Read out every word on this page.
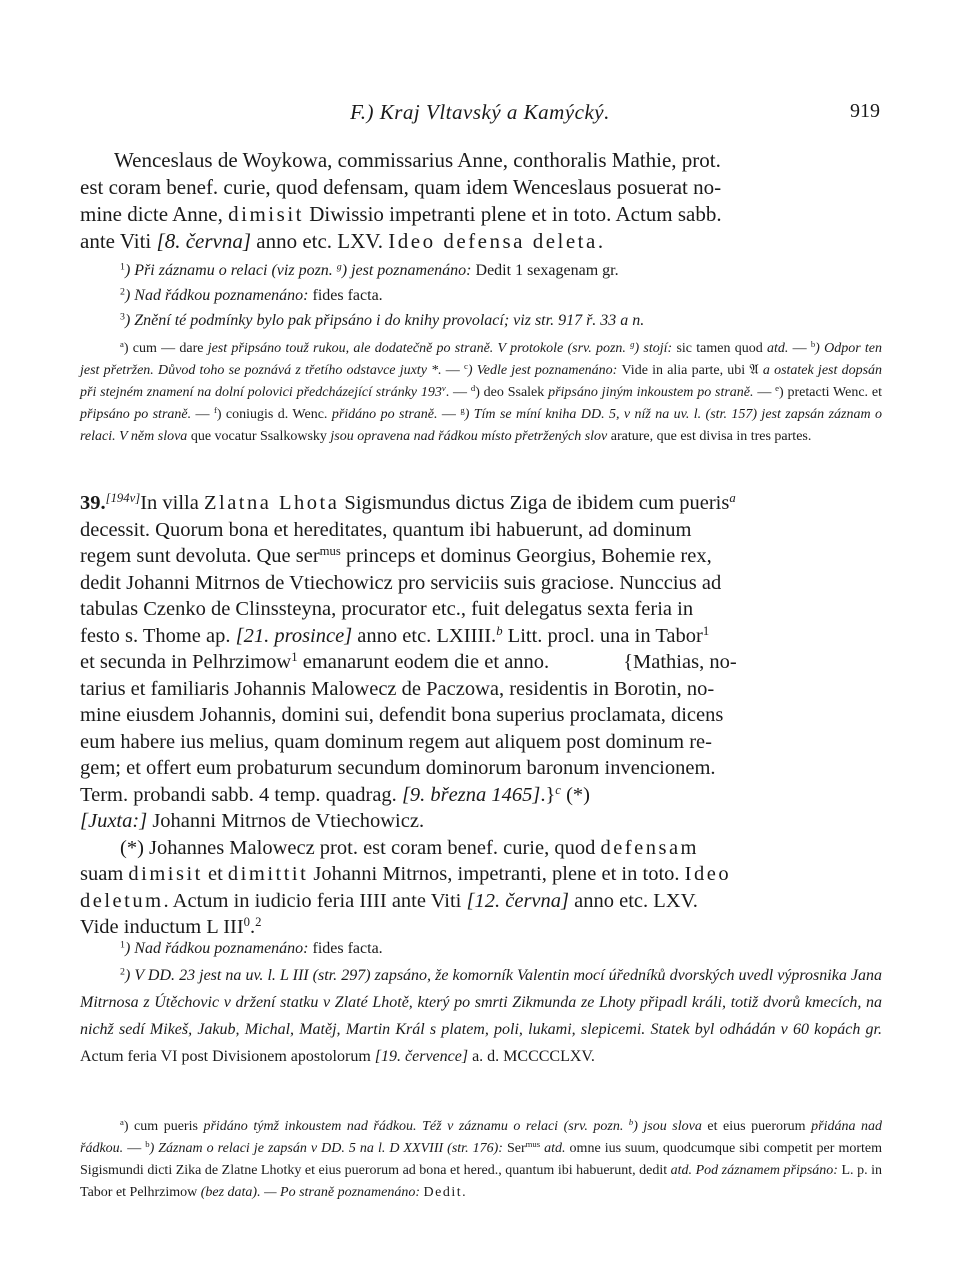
F.) Kraj Vltavský a Kamýcký.	919

Wenceslaus de Woykowa, commissarius Anne, conthoralis Mathie, prot.
est coram benef. curie, quod defensam, quam idem Wenceslaus posuerat no-
mine dicte Anne, dimisit Diwissio impetranti plene et in toto. Actum sabb.
ante Viti [8. června] anno etc. LXV. Ideo defensa deleta.

$^1$) Při záznamu o relaci (viz pozn. $^g$) jest poznamenáno: Dedit 1 sexagenam gr.

$^2$) Nad řádkou poznamenáno: fides facta.

$^3$) Znění té podmínky bylo pak připsáno i do knihy provolací; viz str. 917 ř. 33 a n.

$^a$) cum — dare jest připsáno touž rukou, ale dodatečně po straně. V protokole (srv. pozn. $^g$) stojí: sic tamen quod atd. — $^b$) Odpor ten jest přetržen. Důvod toho se poznává z třetího odstavce juxty *. — $^c$) Vedle jest poznamenáno: Vide in alia parte, ubi 𝔄 a ostatek jest dopsán při stejném znamení na dolní polovici předcházející stránky 193$^v$. — $^d$) deo Ssalek připsáno jiným inkoustem po straně. — $^e$) pretacti Wenc. et připsáno po straně. — $^f$) coniugis d. Wenc. přidáno po straně. — $^g$) Tím se míní kniha DD. 5, v níž na uv. l. (str. 157) jest zapsán záznam o relaci. V něm slova que vocatur Ssalkowsky jsou opravena nad řádkou místo přetržených slov arature, que est divisa in tres partes.

39.[194v]In villa Zlatna Lhota Sigismundus dictus Ziga de ibidem cum pueris$^a$
decessit. Quorum bona et hereditates, quantum ibi habuerunt, ad dominum
regem sunt devoluta. Que ser$^{mus}$ princeps et dominus Georgius, Bohemie rex,
dedit Johanni Mitrnos de Vtiechowicz pro serviciis suis graciose. Nunccius ad
tabulas Czenko de Clinssteyna, procurator etc., fuit delegatus sexta feria in
festo s. Thome ap. [21. prosince] anno etc. LXIIII.$^b$ Litt. procl. una in Tabor$^1$
et secunda in Pelhrzimow$^1$ emanarunt eodem die et anno.	{Mathias, no-
tarius et familiaris Johannis Malowecz de Paczowa, residentis in Borotin, no-
mine eiusdem Johannis, domini sui, defendit bona superius proclamata, dicens
eum habere ius melius, quam dominum regem aut aliquem post dominum re-
gem; et offert eum probaturum secundum dominorum baronum invencionem.
Term. probandi sabb. 4 temp. quadrag. [9. března 1465].}$^c$ (*)
[Juxta:] Johanni Mitrnos de Vtiechowicz.
(*) Johannes Malowecz prot. est coram benef. curie, quod defensam
suam dimisit et dimittit Johanni Mitrnos, impetranti, plene et in toto. Ideo
deletum. Actum in iudicio feria IIII ante Viti [12. června] anno etc. LXV.
Vide inductum L III$^0$.$^2$

$^1$) Nad řádkou poznamenáno: fides facta.

$^2$) V DD. 23 jest na uv. l. L III (str. 297) zapsáno, že komorník Valentin mocí úředníků dvorských uvedl výprosnika Jana Mitrnosa z Útěchovic v držení statku v Zlaté Lhotě, který po smrti Zikmunda ze Lhoty připadl králi, totiž dvorů kmecích, na nichž sedí Mikeš, Jakub, Michal, Matěj, Martin Král s platem, poli, lukami, slepicemi. Statek byl odhádán v 60 kopách gr. Actum feria VI post Divisionem apostolorum [19. července] a. d. MCCCCLXV.

$^a$) cum pueris přidáno týmž inkoustem nad řádkou. Též v záznamu o relaci (srv. pozn. $^b$) jsou slova et eius puerorum přidána nad řádkou. — $^b$) Záznam o relaci je zapsán v DD. 5 na l. D XXVIII (str. 176): Ser$^{mus}$ atd. omne ius suum, quodcumque sibi competit per mortem Sigismundi dicti Zika de Zlatne Lhotky et eius puerorum ad bona et hered., quantum ibi habuerunt, dedit atd. Pod záznamem připsáno: L. p. in Tabor et Pelhrzimow (bez data). — Po straně poznamenáno: Dedit.
